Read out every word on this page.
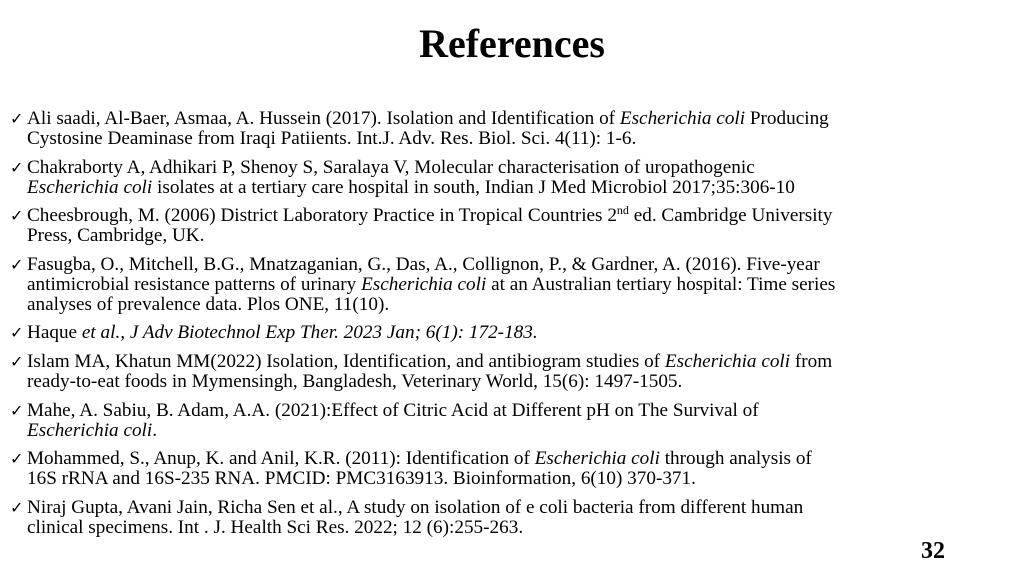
References
✓ Ali saadi, Al-Baer, Asmaa, A. Hussein (2017). Isolation and Identification of Escherichia coli Producing
Cystosine Deaminase from Iraqi Patiients. Int.J. Adv. Res. Biol. Sci. 4(11): 1-6.
✓ Chakraborty A, Adhikari P, Shenoy S, Saralaya V, Molecular characterisation of uropathogenic
Escherichia coli isolates at a tertiary care hospital in south, Indian J Med Microbiol 2017;35:306-10
✓ Cheesbrough, M. (2006) District Laboratory Practice in Tropical Countries 2nd ed. Cambridge University
Press, Cambridge, UK.
✓ Fasugba, O., Mitchell, B.G., Mnatzaganian, G., Das, A., Collignon, P., & Gardner, A. (2016). Five-year
antimicrobial resistance patterns of urinary Escherichia coli at an Australian tertiary hospital: Time series
analyses of prevalence data. Plos ONE, 11(10).
✓ Haque et al., J Adv Biotechnol Exp Ther. 2023 Jan; 6(1): 172-183.
✓ Islam MA, Khatun MM(2022) Isolation, Identification, and antibiogram studies of Escherichia coli from
ready-to-eat foods in Mymensingh, Bangladesh, Veterinary World, 15(6): 1497-1505.
✓ Mahe, A. Sabiu, B. Adam, A.A. (2021):Effect of Citric Acid at Different pH on The Survival of
Escherichia coli.
✓ Mohammed, S., Anup, K. and Anil, K.R. (2011): Identification of Escherichia coli through analysis of
16S rRNA and 16S-235 RNA. PMCID: PMC3163913. Bioinformation, 6(10) 370-371.
✓ Niraj Gupta, Avani Jain, Richa Sen et al., A study on isolation of e coli bacteria from different human
clinical specimens. Int . J. Health Sci Res. 2022; 12 (6):255-263.
32
